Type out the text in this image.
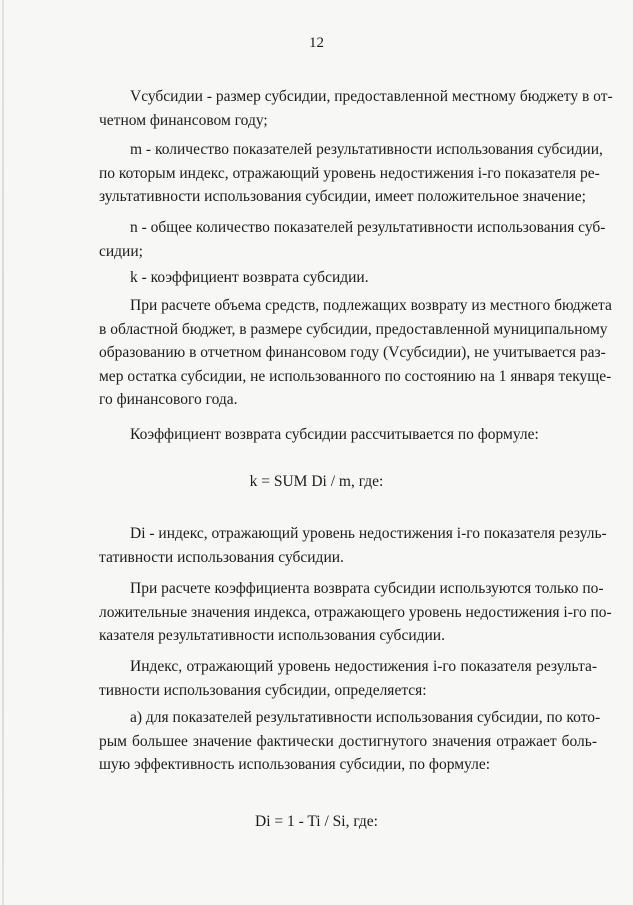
12
Vсубсидии - размер субсидии, предоставленной местному бюджету в от-
четном финансовом году;
m - количество показателей результативности использования субсидии,
по которым индекс, отражающий уровень недостижения i-го показателя ре-
зультативности использования субсидии, имеет положительное значение;
n - общее количество показателей результативности использования суб-
сидии;
k - коэффициент возврата субсидии.
При расчете объема средств, подлежащих возврату из местного бюджета
в областной бюджет, в размере субсидии, предоставленной муниципальному
образованию в отчетном финансовом году (Vсубсидии), не учитывается раз-
мер остатка субсидии, не использованного по состоянию на 1 января текуще-
го финансового года.
Коэффициент возврата субсидии рассчитывается по формуле:
k = SUM Di / m, где:
Di - индекс, отражающий уровень недостижения i-го показателя резуль-
тативности использования субсидии.
При расчете коэффициента возврата субсидии используются только по-
ложительные значения индекса, отражающего уровень недостижения i-го по-
казателя результативности использования субсидии.
Индекс, отражающий уровень недостижения i-го показателя результа-
тивности использования субсидии, определяется:
а) для показателей результативности использования субсидии, по кото-
рым большее значение фактически достигнутого значения отражает боль-
шую эффективность использования субсидии, по формуле:
Di = 1 - Ti / Si, где:
